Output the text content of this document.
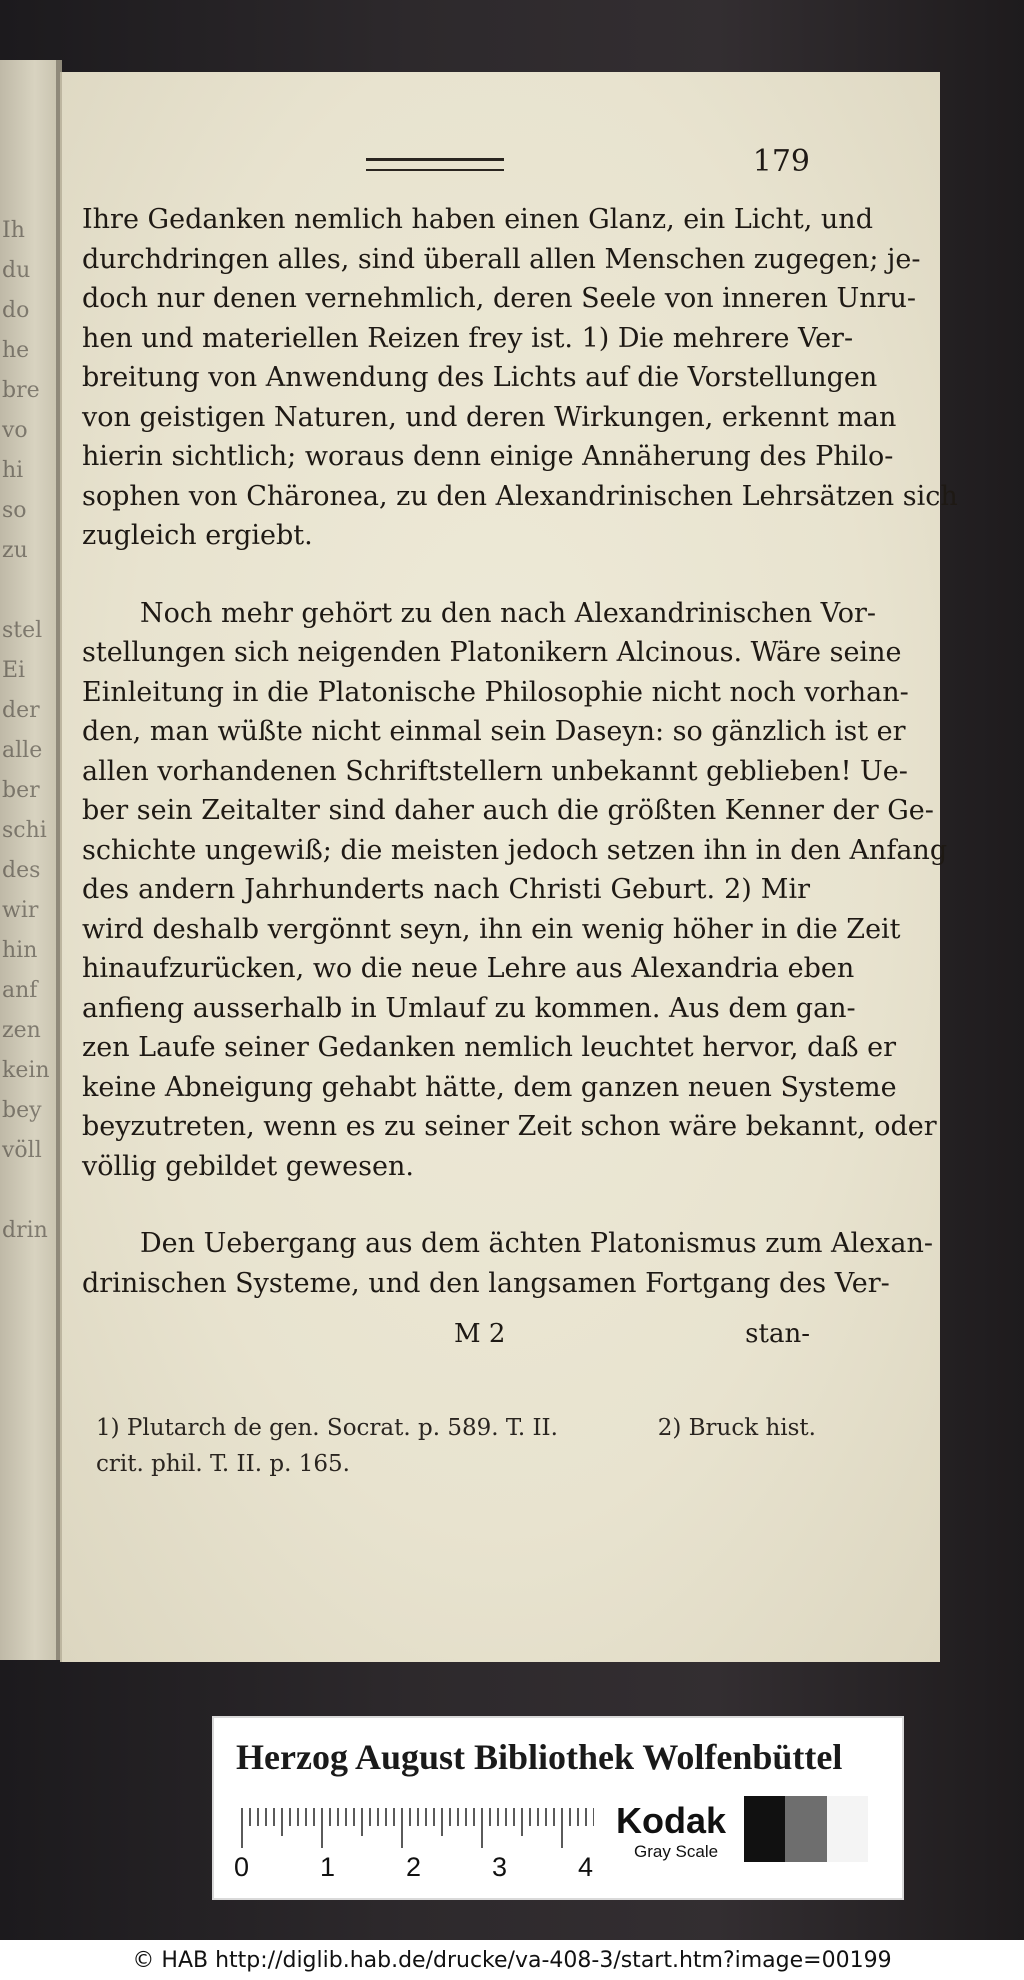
Ih
du
do
he
bre
vo
hi
so
zu
stel
Ei
der
alle
ber
schi
des
wir
hin
anf
zen
kein
bey
völl
drin
179

Ihre Gedanken nemlich haben einen Glanz, ein Licht, und

durchdringen alles, sind überall allen Menschen zugegen; je-

doch nur denen vernehmlich, deren Seele von inneren Unru-

hen und materiellen Reizen frey ist. 1) Die mehrere Ver-

breitung von Anwendung des Lichts auf die Vorstellungen

von geistigen Naturen, und deren Wirkungen, erkennt man

hierin sichtlich; woraus denn einige Annäherung des Philo-

sophen von Chäronea, zu den Alexandrinischen Lehrsätzen sich

zugleich ergiebt.

Noch mehr gehört zu den nach Alexandrinischen Vor-

stellungen sich neigenden Platonikern Alcinous. Wäre seine

Einleitung in die Platonische Philosophie nicht noch vorhan-

den, man wüßte nicht einmal sein Daseyn: so gänzlich ist er

allen vorhandenen Schriftstellern unbekannt geblieben! Ue-

ber sein Zeitalter sind daher auch die größten Kenner der Ge-

schichte ungewiß; die meisten jedoch setzen ihn in den Anfang

des andern Jahrhunderts nach Christi Geburt. 2) Mir

wird deshalb vergönnt seyn, ihn ein wenig höher in die Zeit

hinaufzurücken, wo die neue Lehre aus Alexandria eben

anfieng ausserhalb in Umlauf zu kommen. Aus dem gan-

zen Laufe seiner Gedanken nemlich leuchtet hervor, daß er

keine Abneigung gehabt hätte, dem ganzen neuen Systeme

beyzutreten, wenn es zu seiner Zeit schon wäre bekannt, oder

völlig gebildet gewesen.

Den Uebergang aus dem ächten Platonismus zum Alexan-

drinischen Systeme, und den langsamen Fortgang des Ver-

M 2	stan-

1) Plutarch de gen. Socrat. p. 589. T. II.	2) Bruck hist.

crit. phil. T. II. p. 165.

Herzog August Bibliothek Wolfenbüttel
Kodak
Gray Scale
0	1	2	3	4
© HAB http://diglib.hab.de/drucke/va-408-3/start.htm?image=00199
